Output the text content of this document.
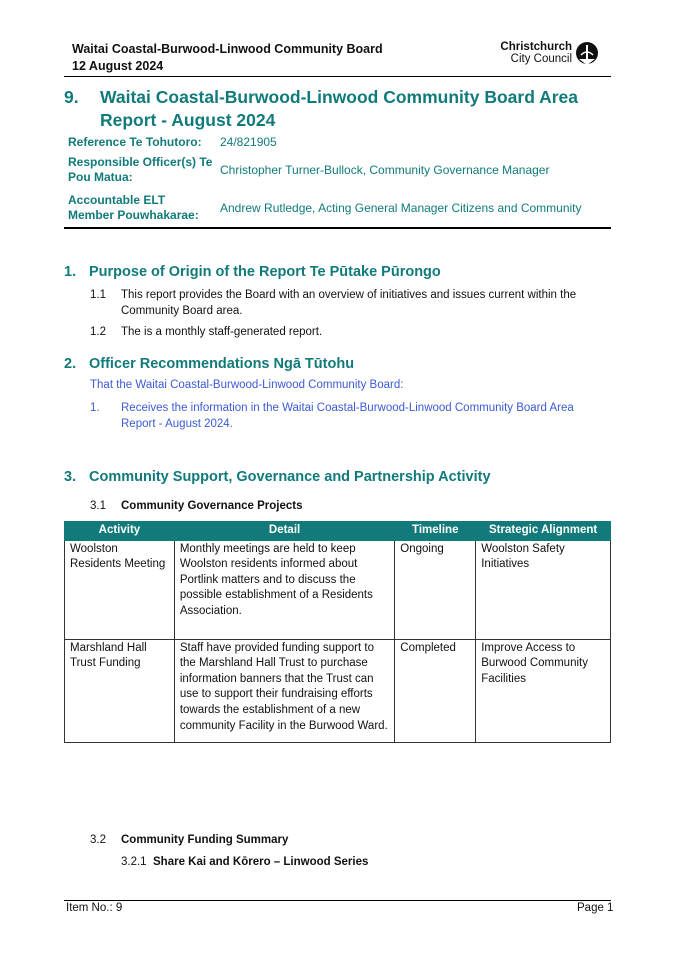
Waitai Coastal-Burwood-Linwood Community Board
12 August 2024
Christchurch
City Council
9. Waitai Coastal-Burwood-Linwood Community Board Area Report - August 2024
Reference Te Tohutoro: 24/821905
Responsible Officer(s) Te Pou Matua:	Christopher Turner-Bullock, Community Governance Manager
Accountable ELT Member Pouwhakarae:	Andrew Rutledge, Acting General Manager Citizens and Community
1. Purpose of Origin of the Report Te Pūtake Pūrongo
1.1 This report provides the Board with an overview of initiatives and issues current within the Community Board area.
1.2 The is a monthly staff-generated report.
2. Officer Recommendations Ngā Tūtohu
That the Waitai Coastal-Burwood-Linwood Community Board:
1. Receives the information in the Waitai Coastal-Burwood-Linwood Community Board Area Report - August 2024.
3. Community Support, Governance and Partnership Activity
3.1 Community Governance Projects
Activity	Detail	Timeline	Strategic Alignment
Woolston Residents Meeting	Monthly meetings are held to keep Woolston residents informed about Portlink matters and to discuss the possible establishment of a Residents Association.	Ongoing	Woolston Safety Initiatives
Marshland Hall Trust Funding	Staff have provided funding support to the Marshland Hall Trust to purchase information banners that the Trust can use to support their fundraising efforts towards the establishment of a new community Facility in the Burwood Ward.	Completed	Improve Access to Burwood Community Facilities
3.2 Community Funding Summary
3.2.1 Share Kai and Kōrero – Linwood Series
Item No.: 9	Page 1
